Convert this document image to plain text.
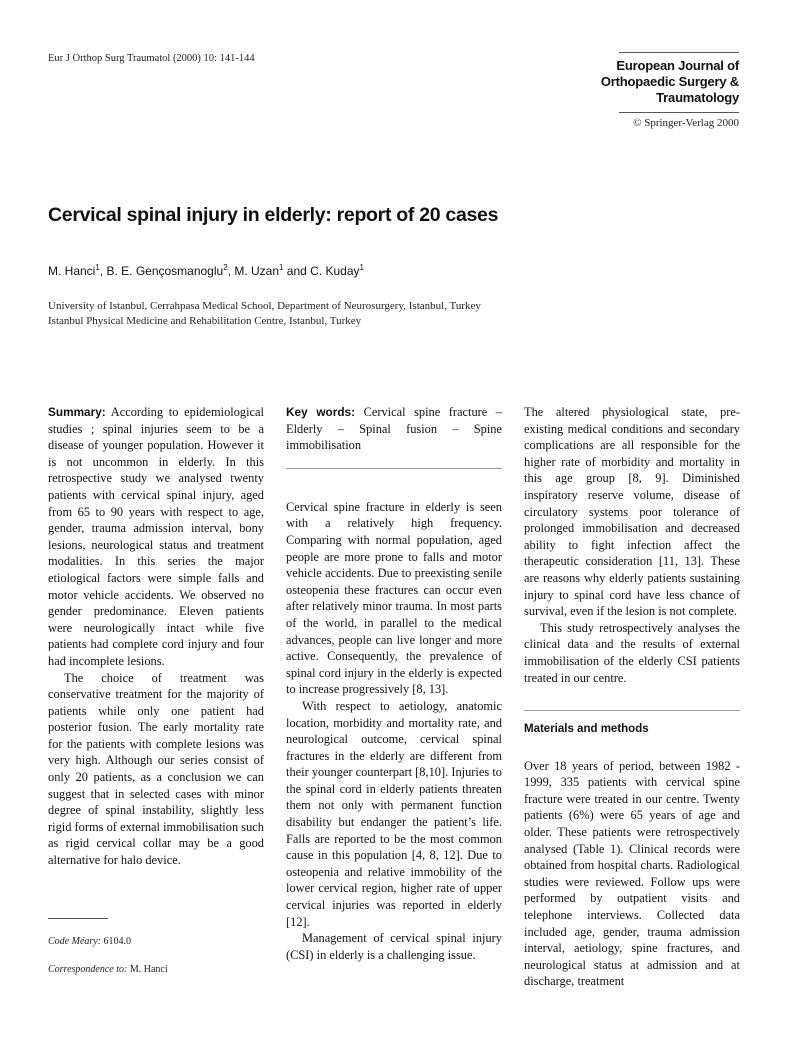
Eur J Orthop Surg Traumatol (2000) 10: 141-144	European Journal of
Orthopaedic Surgery &
Traumatology
© Springer-Verlag 2000
Cervical spinal injury in elderly: report of 20 cases
M. Hanci$^1$, B. E. Gençosmanoglu$^2$, M. Uzan$^1$ and C. Kuday$^1$
University of Istanbul, Cerrahpasa Medical School, Department of Neurosurgery, Istanbul, Turkey
Istanbul Physical Medicine and Rehabilitation Centre, Istanbul, Turkey

Summary: According to epidemiological studies ; spinal injuries seem to be a disease of younger population. However it is not uncommon in elderly. In this retrospective study we analysed twenty patients with cervical spinal injury, aged from 65 to 90 years with respect to age, gender, trauma admission interval, bony lesions, neurological status and treatment modalities. In this series the major etiological factors were simple falls and motor vehicle accidents. We observed no gender predominance. Eleven patients were neurologically intact while five patients had complete cord injury and four had incomplete lesions.

The choice of treatment was conservative treatment for the majority of patients while only one patient had posterior fusion. The early mortality rate for the patients with complete lesions was very high. Although our series consist of only 20 patients, as a conclusion we can suggest that in selected cases with minor degree of spinal instability, slightly less rigid forms of external immobilisation such as rigid cervical collar may be a good alternative for halo device.

Code Méary: 6104.0
Correspondence to: M. Hanci

Key words: Cervical spine fracture – Elderly – Spinal fusion – Spine immobilisation

Cervical spine fracture in elderly is seen with a relatively high frequency. Comparing with normal population, aged people are more prone to falls and motor vehicle accidents. Due to preexisting senile osteopenia these fractures can occur even after relatively minor trauma. In most parts of the world, in parallel to the medical advances, people can live longer and more active. Consequently, the prevalence of spinal cord injury in the elderly is expected to increase progressively [8, 13].

With respect to aetiology, anatomic location, morbidity and mortality rate, and neurological outcome, cervical spinal fractures in the elderly are different from their younger counterpart [8,10]. Injuries to the spinal cord in elderly patients threaten them not only with permanent function disability but endanger the patient’s life. Falls are reported to be the most common cause in this population [4, 8, 12]. Due to osteopenia and relative immobility of the lower cervical region, higher rate of upper cervical injuries was reported in elderly [12].

Management of cervical spinal injury (CSI) in elderly is a challenging issue.

The altered physiological state, pre-existing medical conditions and secondary complications are all responsible for the higher rate of morbidity and mortality in this age group [8, 9]. Diminished inspiratory reserve volume, disease of circulatory systems poor tolerance of prolonged immobilisation and decreased ability to fight infection affect the therapeutic consideration [11, 13]. These are reasons why elderly patients sustaining injury to spinal cord have less chance of survival, even if the lesion is not complete.

This study retrospectively analyses the clinical data and the results of external immobilisation of the elderly CSI patients treated in our centre.

Materials and methods

Over 18 years of period, between 1982 - 1999, 335 patients with cervical spine fracture were treated in our centre. Twenty patients (6%) were 65 years of age and older. These patients were retrospectively analysed (Table 1). Clinical records were obtained from hospital charts. Radiological studies were reviewed. Follow ups were performed by outpatient visits and telephone interviews. Collected data included age, gender, trauma admission interval, aetiology, spine fractures, and neurological status at admission and at discharge, treatment
